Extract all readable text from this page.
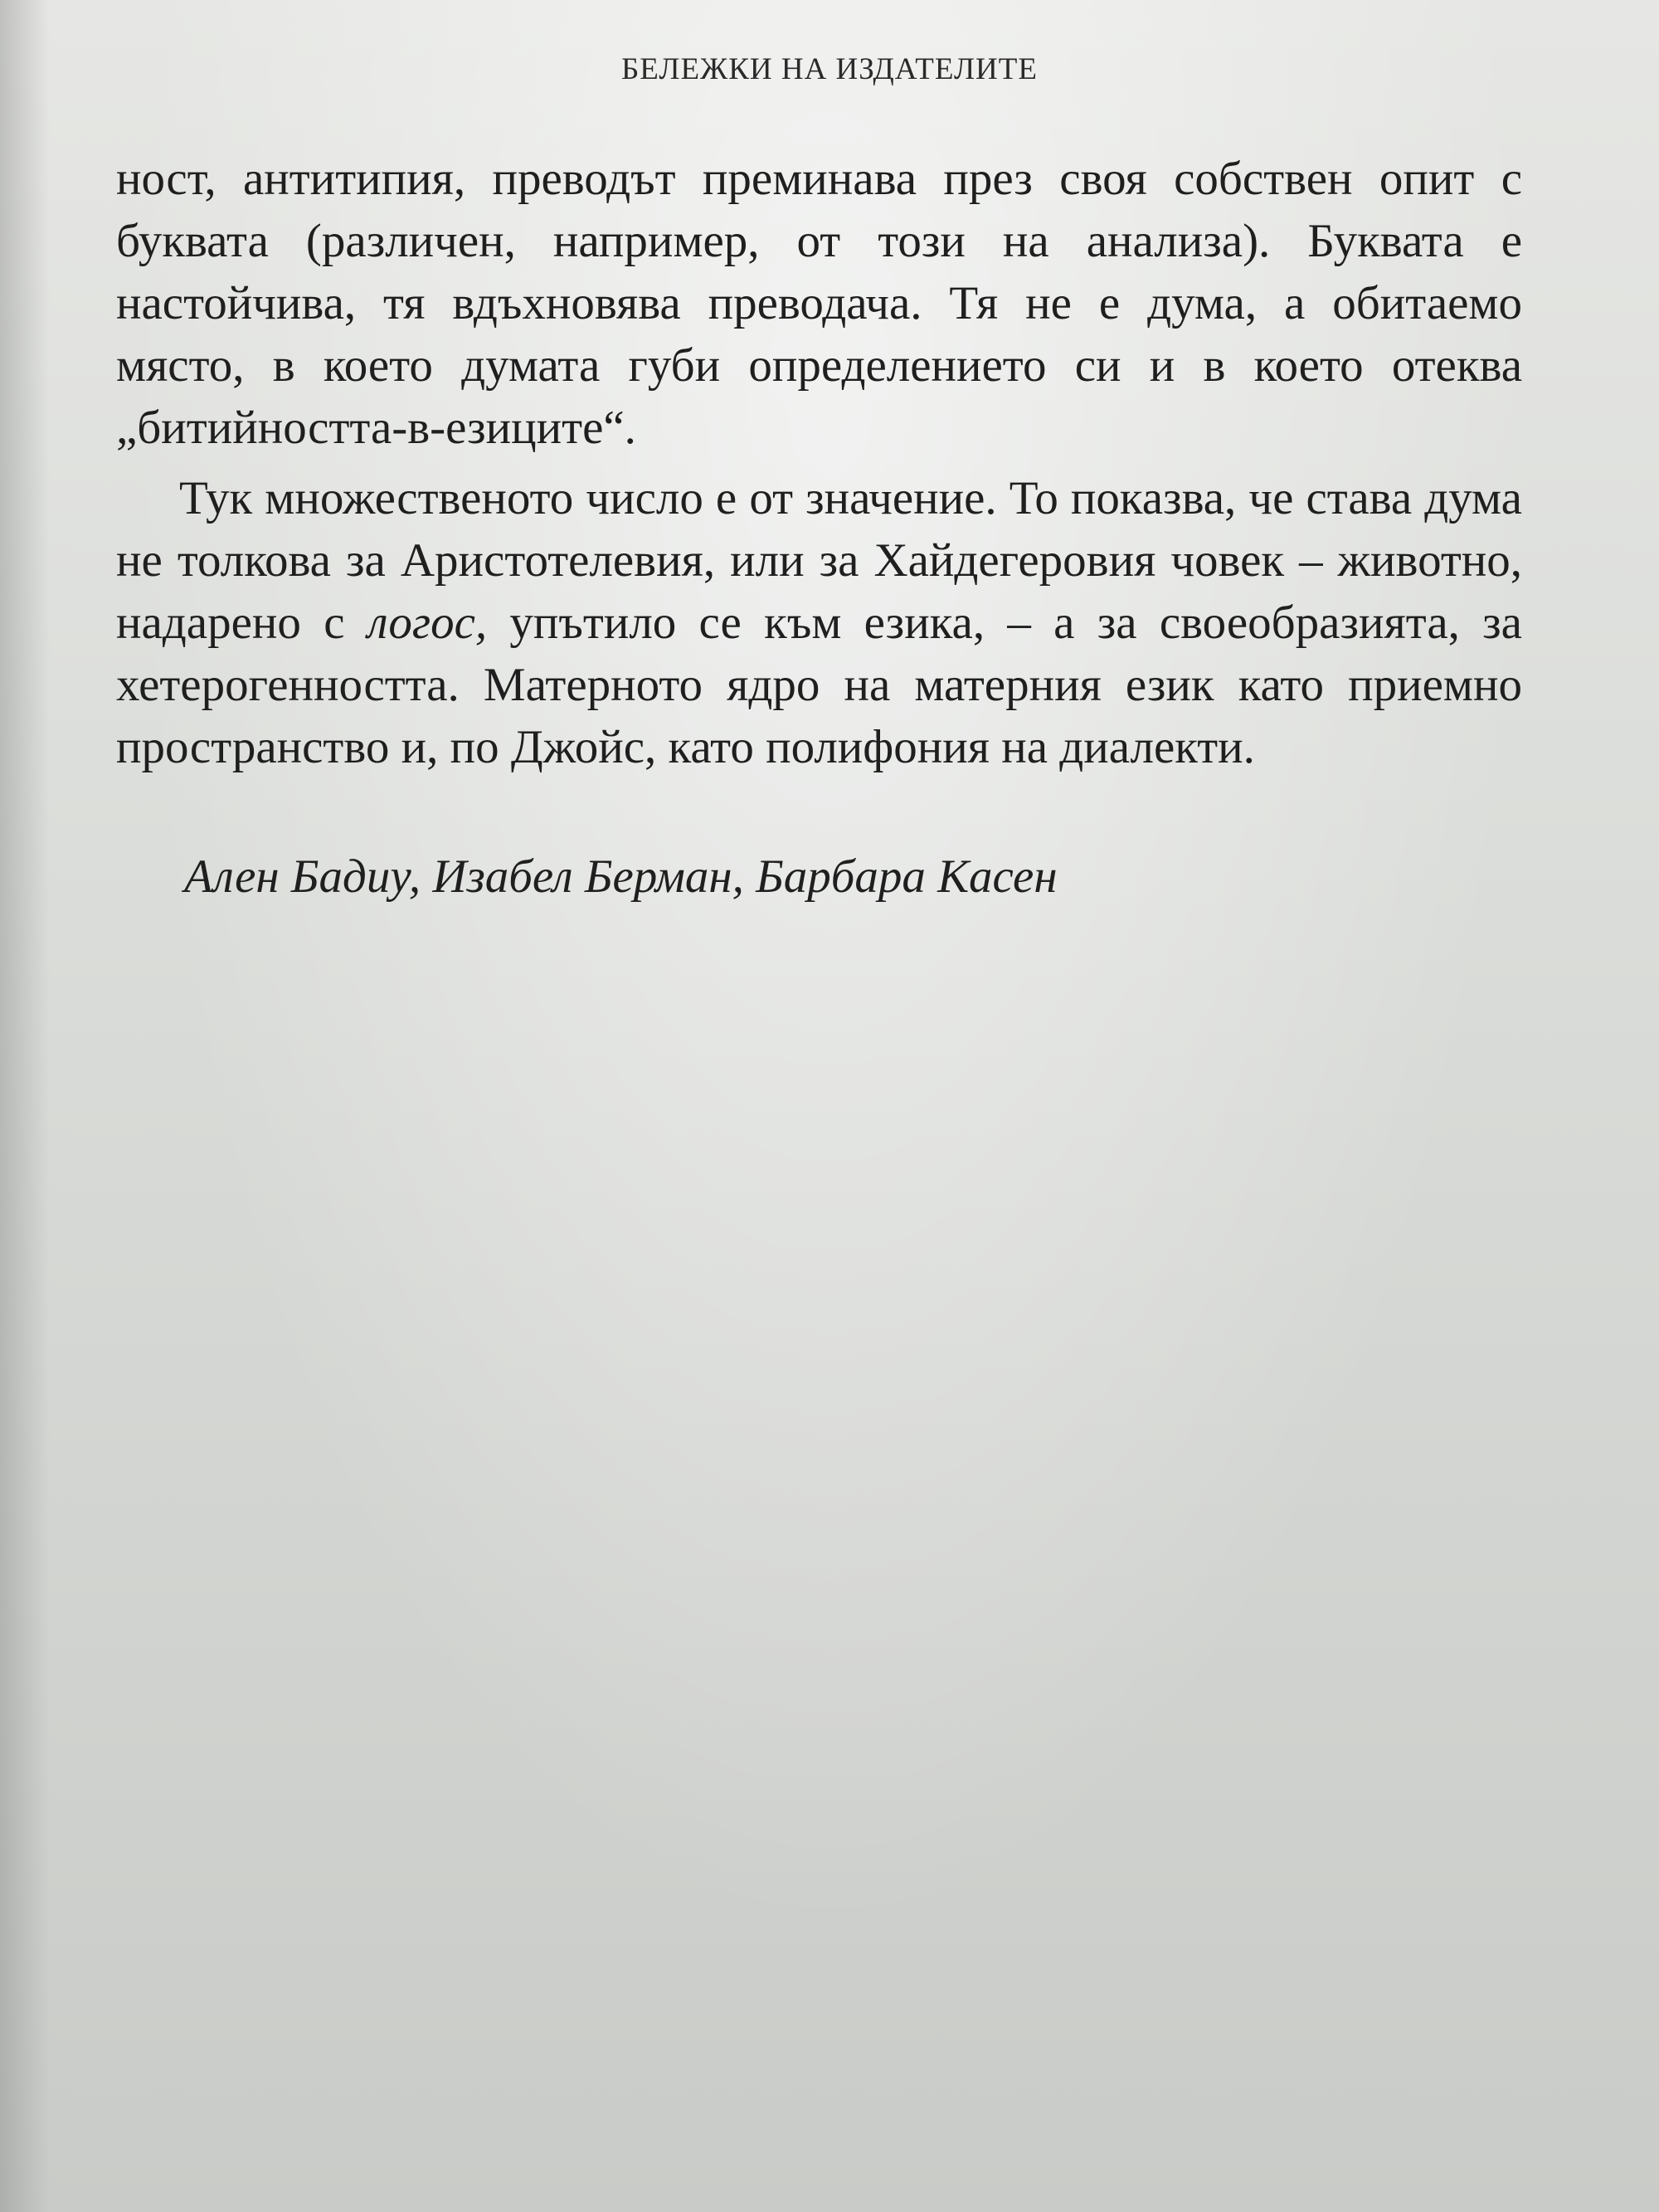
БЕЛЕЖКИ НА ИЗДАТЕЛИТЕ

ност, антитипия, преводът преминава през своя собствен опит с буквата (различен, например, от този на анализа). Буквата е настойчива, тя вдъхновява преводача. Тя не е дума, а обитаемо място, в което думата губи определението си и в което отеква „битийността-в-езиците“.

Тук множественото число е от значение. То показва, че става дума не толкова за Аристотелевия, или за Хайдегеровия човек – животно, надарено с логос, упътило се към езика, – а за своеобразията, за хетерогенността. Матерното ядро на матерния език като приемно пространство и, по Джойс, като полифония на диалекти.

Ален Бадиу, Изабел Берман, Барбара Касен
